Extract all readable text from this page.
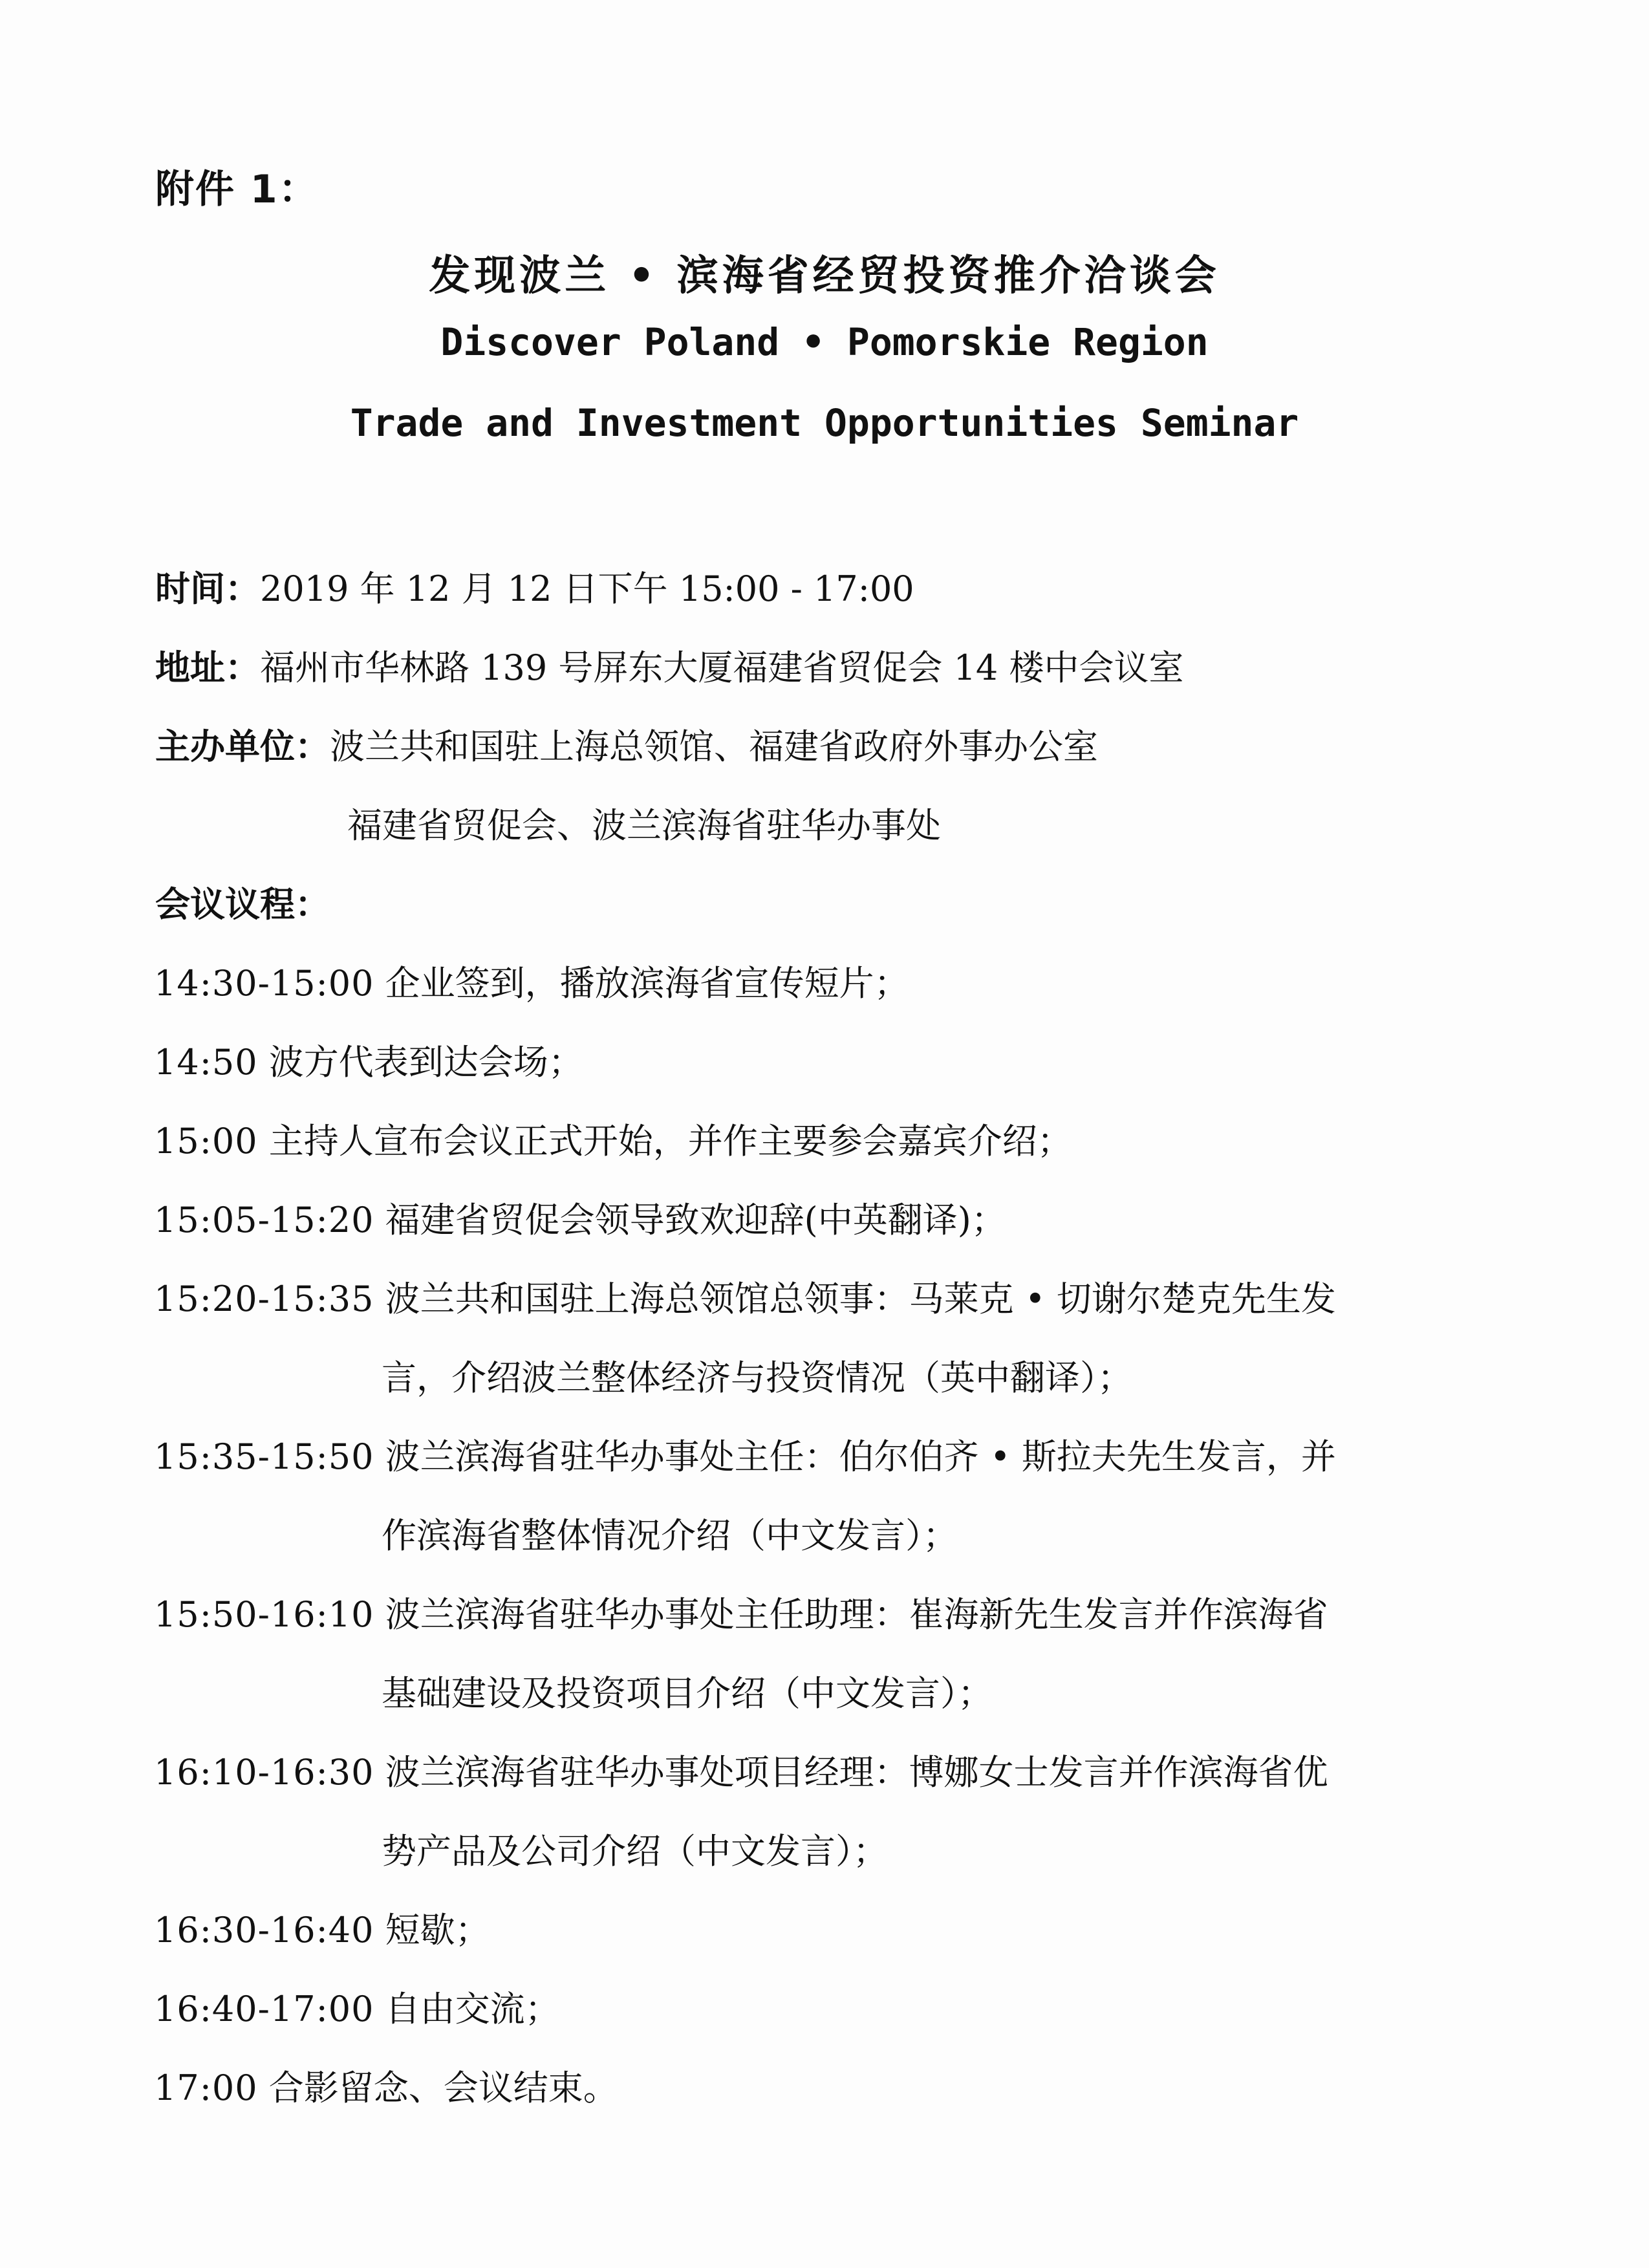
附件 1：
发现波兰 • 滨海省经贸投资推介洽谈会
Discover Poland • Pomorskie Region
Trade and Investment Opportunities Seminar
时间：2019 年 12 月 12 日下午 15:00 - 17:00
地址：福州市华林路 139 号屏东大厦福建省贸促会 14 楼中会议室
主办单位：波兰共和国驻上海总领馆、福建省政府外事办公室
福建省贸促会、波兰滨海省驻华办事处
会议议程：
14:30-15:00 企业签到，播放滨海省宣传短片；
14:50 波方代表到达会场；
15:00 主持人宣布会议正式开始，并作主要参会嘉宾介绍；
15:05-15:20 福建省贸促会领导致欢迎辞(中英翻译)；
15:20-15:35 波兰共和国驻上海总领馆总领事：马莱克 • 切谢尔楚克先生发
言，介绍波兰整体经济与投资情况（英中翻译）；
15:35-15:50 波兰滨海省驻华办事处主任：伯尔伯齐 • 斯拉夫先生发言，并
作滨海省整体情况介绍（中文发言）；
15:50-16:10 波兰滨海省驻华办事处主任助理：崔海新先生发言并作滨海省
基础建设及投资项目介绍（中文发言）；
16:10-16:30 波兰滨海省驻华办事处项目经理：博娜女士发言并作滨海省优
势产品及公司介绍（中文发言）；
16:30-16:40 短歇；
16:40-17:00 自由交流；
17:00 合影留念、会议结束。
